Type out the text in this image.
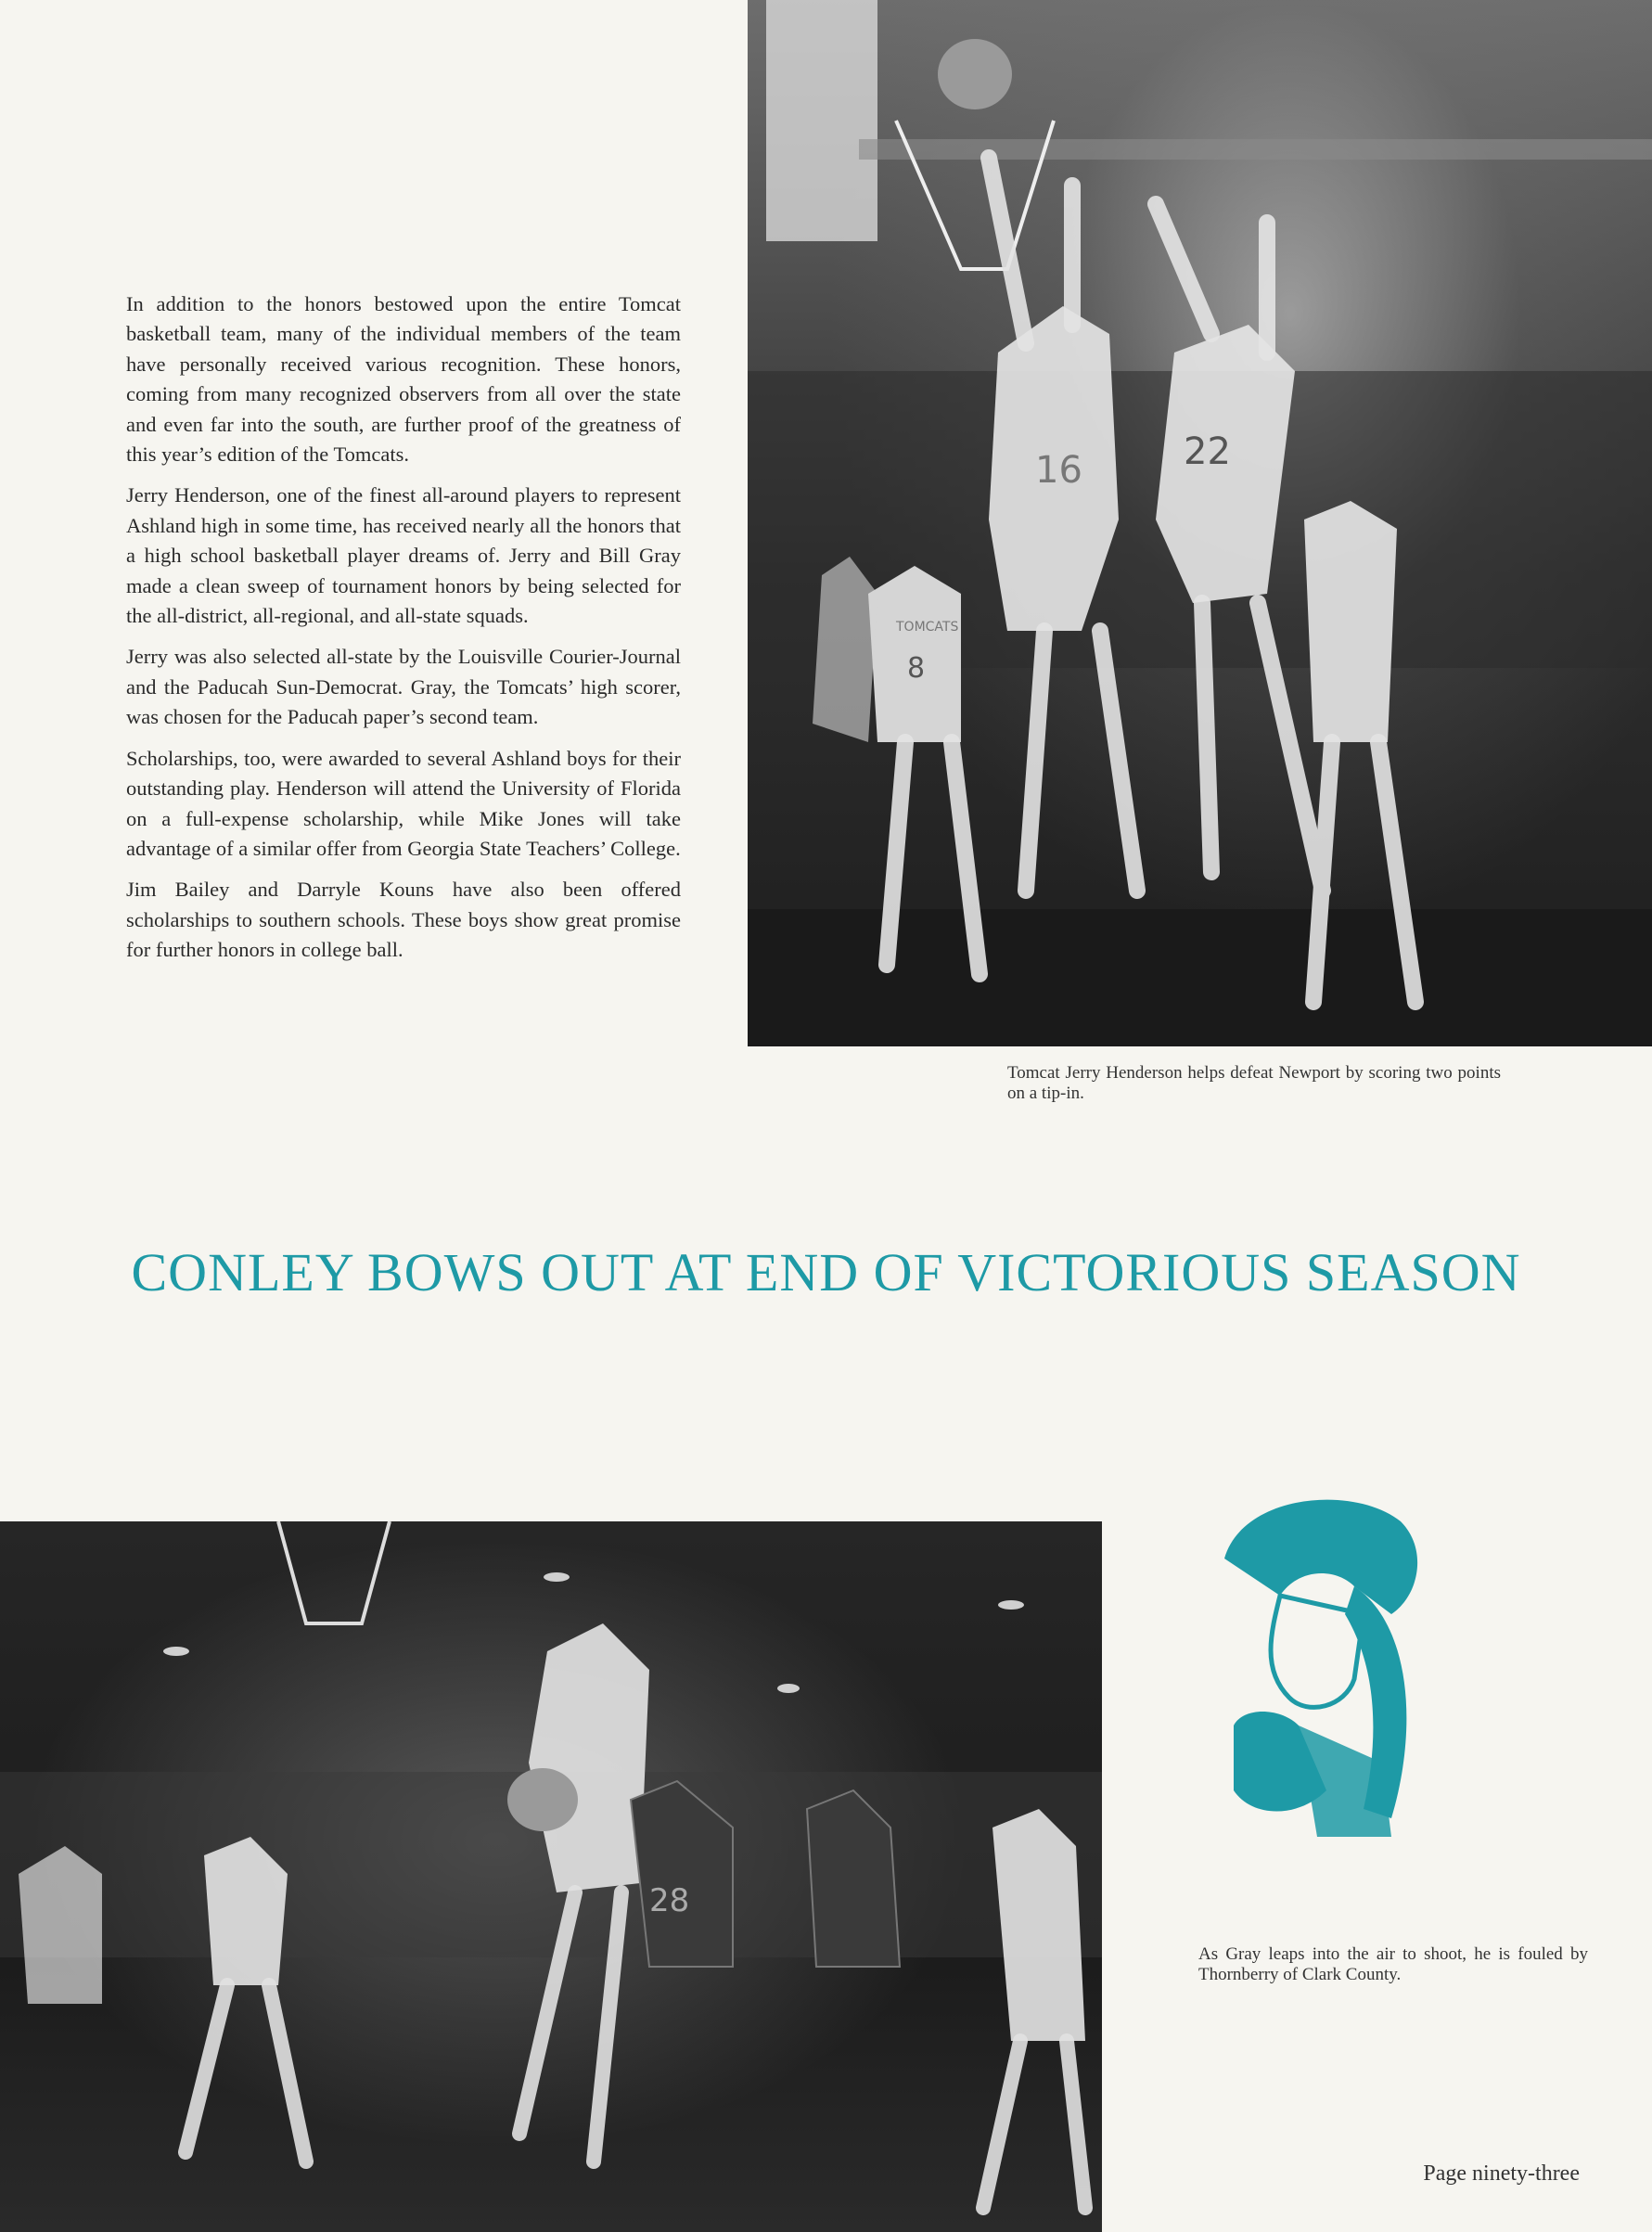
In addition to the honors bestowed upon the entire Tomcat basketball team, many of the individual members of the team have personally received various recognition. These honors, coming from many recognized observers from all over the state and even far into the south, are further proof of the greatness of this year’s edition of the Tomcats.

Jerry Henderson, one of the finest all-around players to represent Ashland high in some time, has received nearly all the honors that a high school basketball player dreams of. Jerry and Bill Gray made a clean sweep of tournament honors by being selected for the all-district, all-regional, and all-state squads.

Jerry was also selected all-state by the Louisville Courier-Journal and the Paducah Sun-Democrat. Gray, the Tomcats’ high scorer, was chosen for the Paducah paper’s second team.

Scholarships, too, were awarded to several Ashland boys for their outstanding play. Henderson will attend the University of Florida on a full-expense scholarship, while Mike Jones will take advantage of a similar offer from Georgia State Teachers’ College.

Jim Bailey and Darryle Kouns have also been offered scholarships to southern schools. These boys show great promise for further honors in college ball.

16	22
TOMCATS
8
Tomcat Jerry Henderson helps defeat Newport by scoring two points on a tip-in.
CONLEY BOWS OUT AT END OF VICTORIOUS SEASON
28
As Gray leaps into the air to shoot, he is fouled by Thornberry of Clark County.
Page ninety-three
